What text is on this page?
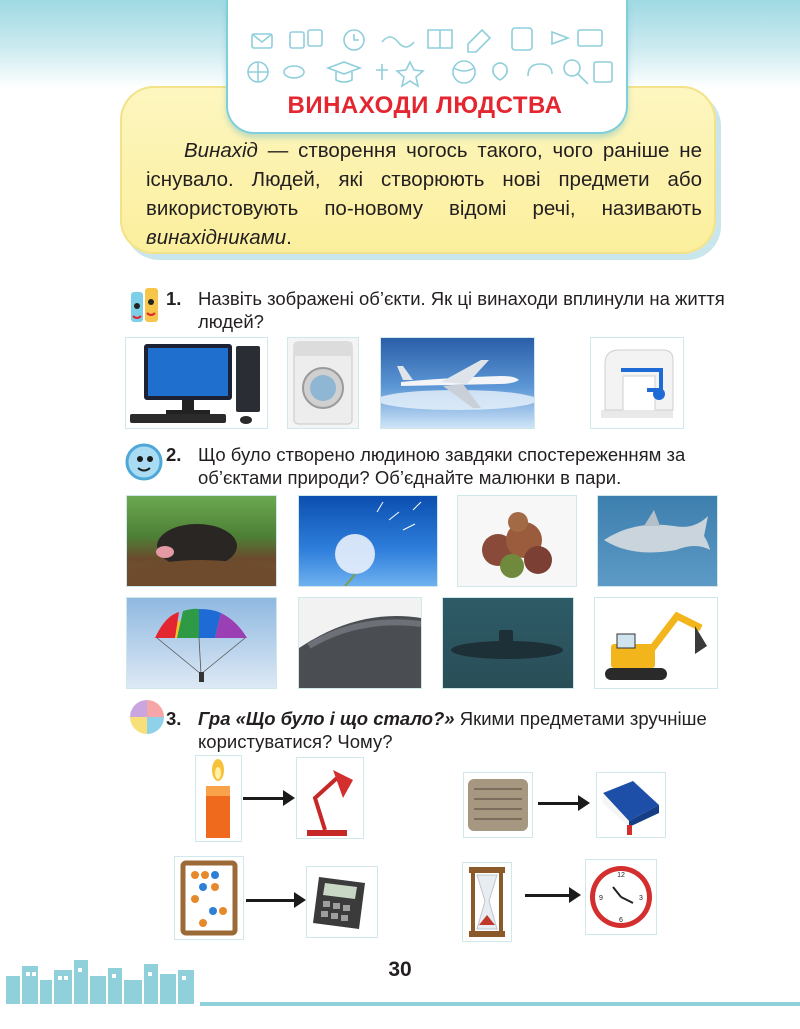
ВИНАХОДИ ЛЮДСТВА
Винахід — створення чогось такого, чого раніше не існувало. Людей, які створюють нові предмети або використовують по-новому відомі речі, називають винахідниками.
1. Назвіть зображені об’єкти. Як ці винаходи вплинули на життя людей?
2. Що було створено людиною завдяки спостереженням за об’єктами природи? Об’єднайте малюнки в пари.
3. Гра «Що було і що стало?» Якими предметами зручніше користуватися? Чому?
12
3
6
9
30
